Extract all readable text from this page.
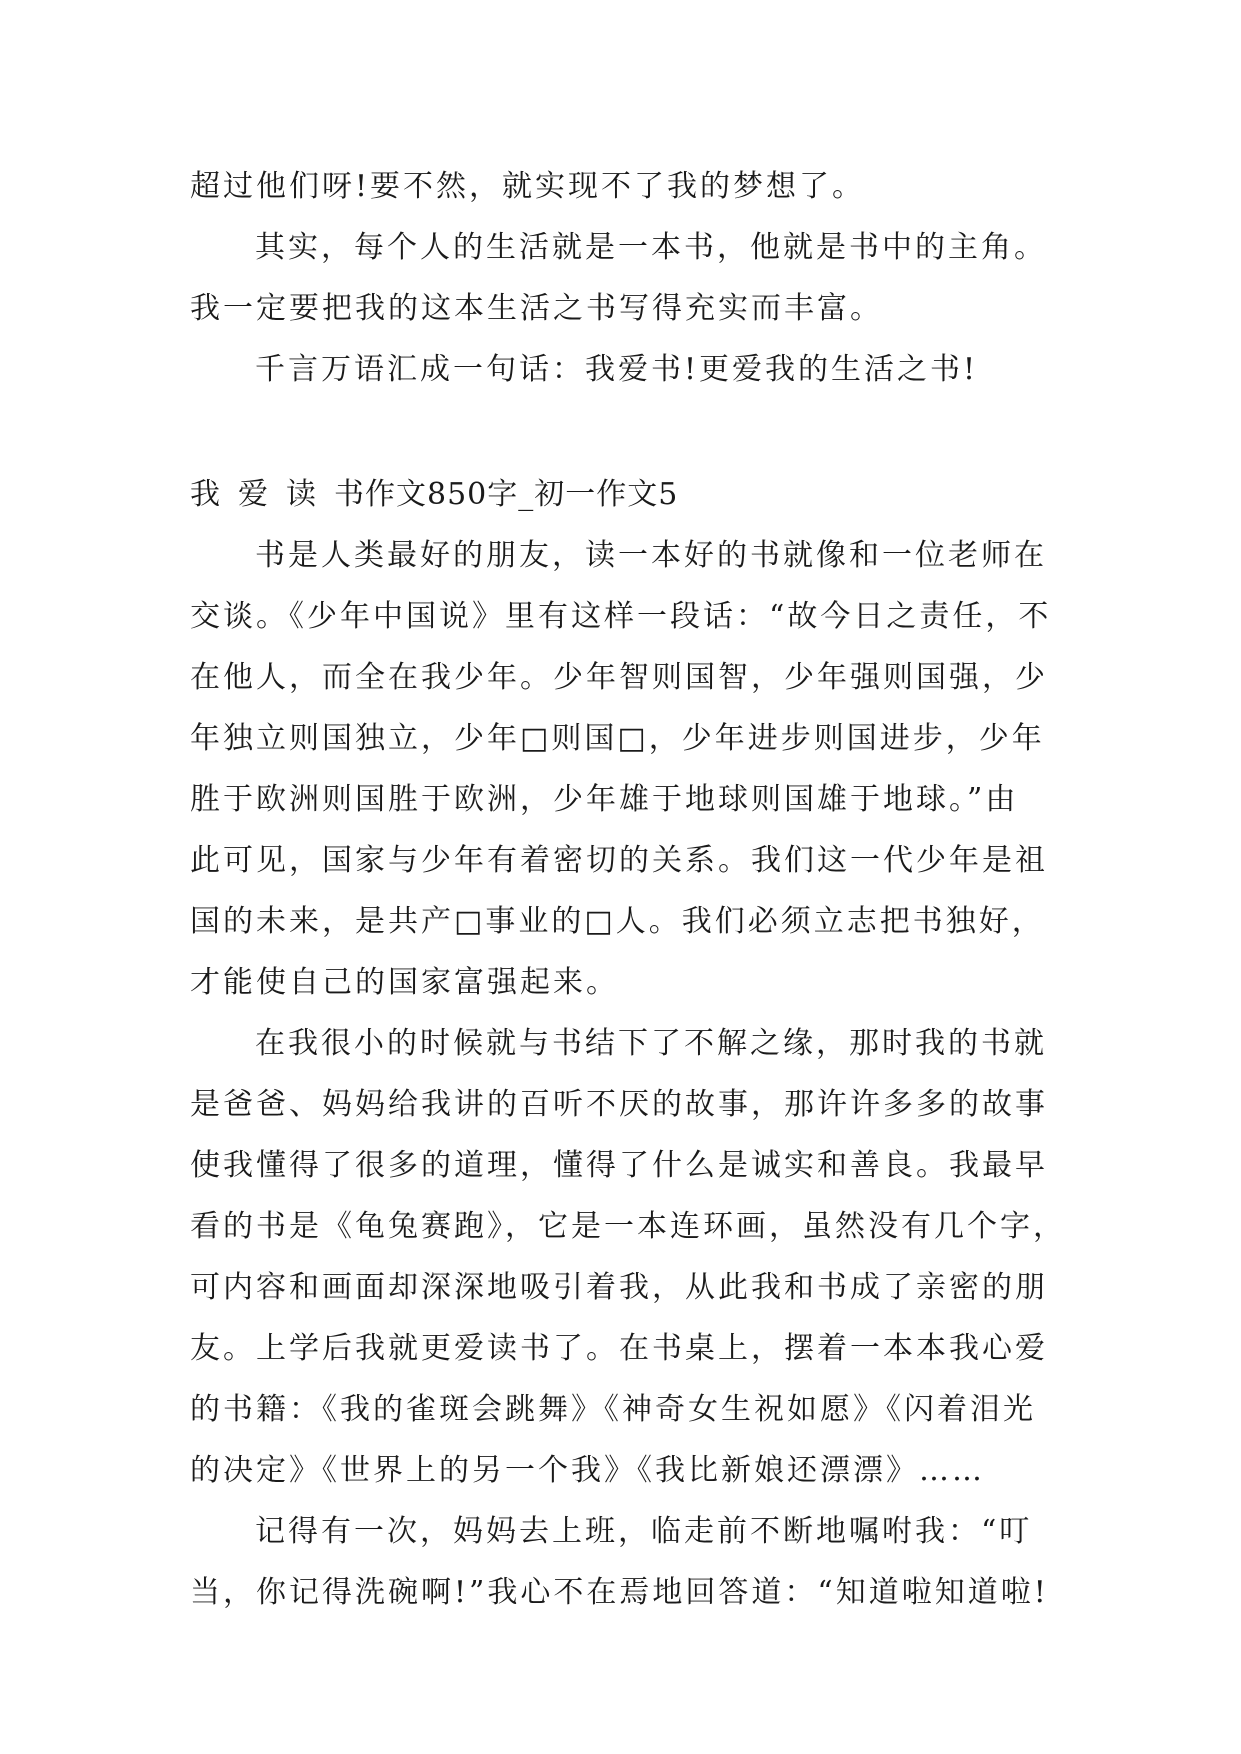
超过他们呀!要不然，就实现不了我的梦想了。
其实，每个人的生活就是一本书，他就是书中的主角。
我一定要把我的这本生活之书写得充实而丰富。
千言万语汇成一句话：我爱书!更爱我的生活之书!
我爱读书作文850字_初一作文5
书是人类最好的朋友，读一本好的书就像和一位老师在
交谈。《少年中国说》里有这样一段话：“故今日之责任，不
在他人，而全在我少年。少年智则国智，少年强则国强，少
年独立则国独立，少年□则国□，少年进步则国进步，少年
胜于欧洲则国胜于欧洲，少年雄于地球则国雄于地球。”由
此可见，国家与少年有着密切的关系。我们这一代少年是祖
国的未来，是共产□事业的□人。我们必须立志把书独好，
才能使自己的国家富强起来。
在我很小的时候就与书结下了不解之缘，那时我的书就
是爸爸、妈妈给我讲的百听不厌的故事，那许许多多的故事
使我懂得了很多的道理，懂得了什么是诚实和善良。我最早
看的书是《龟兔赛跑》，它是一本连环画，虽然没有几个字，
可内容和画面却深深地吸引着我，从此我和书成了亲密的朋
友。上学后我就更爱读书了。在书桌上，摆着一本本我心爱
的书籍：《我的雀斑会跳舞》《神奇女生祝如愿》《闪着泪光
的决定》《世界上的另一个我》《我比新娘还漂漂》……
记得有一次，妈妈去上班，临走前不断地嘱咐我：“叮
当，你记得洗碗啊!”我心不在焉地回答道：“知道啦知道啦!
